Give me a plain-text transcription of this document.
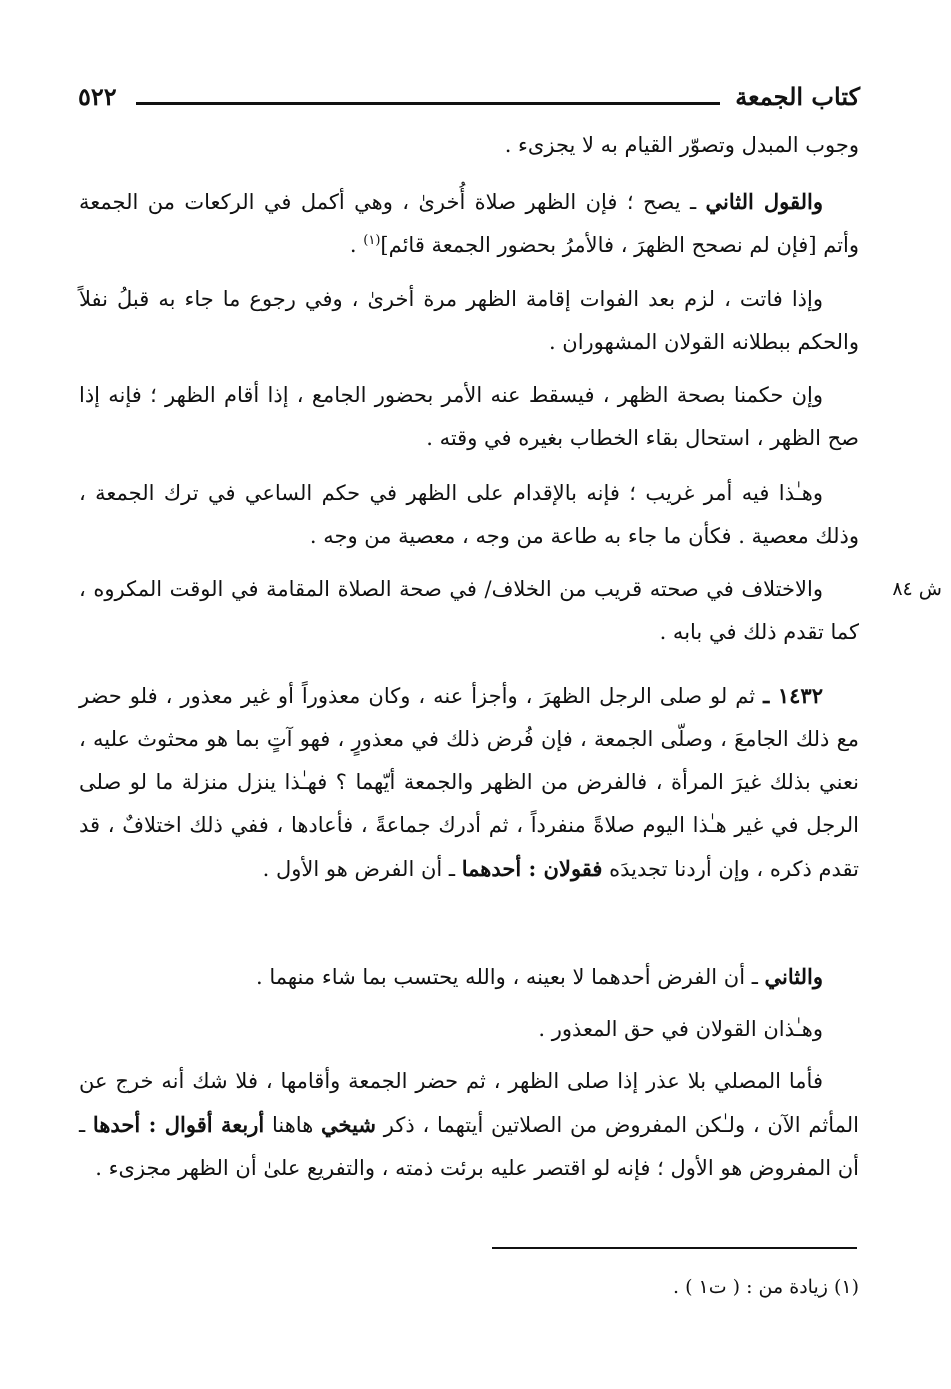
كتاب الجمعة
٥٢٢

وجوب المبدل وتصوّر القيام به لا يجزىء .

والقول الثاني ـ يصح ؛ فإن الظهر صلاة أُخرىٰ ، وهي أكمل في الركعات من الجمعة وأتم [فإن لم نصحح الظهرَ ، فالأمرُ بحضور الجمعة قائم]$^{(١)}$ .

وإذا فاتت ، لزم بعد الفوات إقامة الظهر مرة أخرىٰ ، وفي رجوع ما جاء به قبلُ نفلاً والحكم ببطلانه القولان المشهوران .

وإن حكمنا بصحة الظهر ، فيسقط عنه الأمر بحضور الجامع ، إذا أقام الظهر ؛ فإنه إذا صح الظهر ، استحال بقاء الخطاب بغيره في وقته .

وهـٰذا فيه أمر غريب ؛ فإنه بالإقدام على الظهر في حكم الساعي في ترك الجمعة ، وذلك معصية . فكأن ما جاء به طاعة من وجه ، معصية من وجه .

ش ٨٤

والاختلاف في صحته قريب من الخلاف/ في صحة الصلاة المقامة في الوقت المكروه ، كما تقدم ذلك في بابه .

١٤٣٢ ـ ثم لو صلى الرجل الظهرَ ، وأجزأ عنه ، وكان معذوراً أو غير معذور ، فلو حضر مع ذلك الجامعَ ، وصلّى الجمعة ، فإن فُرض ذلك في معذورٍ ، فهو آتٍ بما هو محثوث عليه ، نعني بذلك غيرَ المرأة ، فالفرض من الظهر والجمعة أيّهما ؟ فهـٰذا ينزل منزلة ما لو صلى الرجل في غير هـٰذا اليوم صلاةً منفرداً ، ثم أدرك جماعةً ، فأعادها ، ففي ذلك اختلافٌ ، قد تقدم ذكره ، وإن أردنا تجديدَه فقولان : أحدهما ـ أن الفرض هو الأول .

والثاني ـ أن الفرض أحدهما لا بعينه ، والله يحتسب بما شاء منهما .

وهـٰذان القولان في حق المعذور .

فأما المصلي بلا عذر إذا صلى الظهر ، ثم حضر الجمعة وأقامها ، فلا شك أنه خرج عن المأثم الآن ، ولـٰكن المفروض من الصلاتين أيتهما ، ذكر شيخي هاهنا أربعة أقوال : أحدها ـ أن المفروض هو الأول ؛ فإنه لو اقتصر عليه برئت ذمته ، والتفريع علىٰ أن الظهر مجزىء .

(١) زيادة من : ( ت١ ) .
